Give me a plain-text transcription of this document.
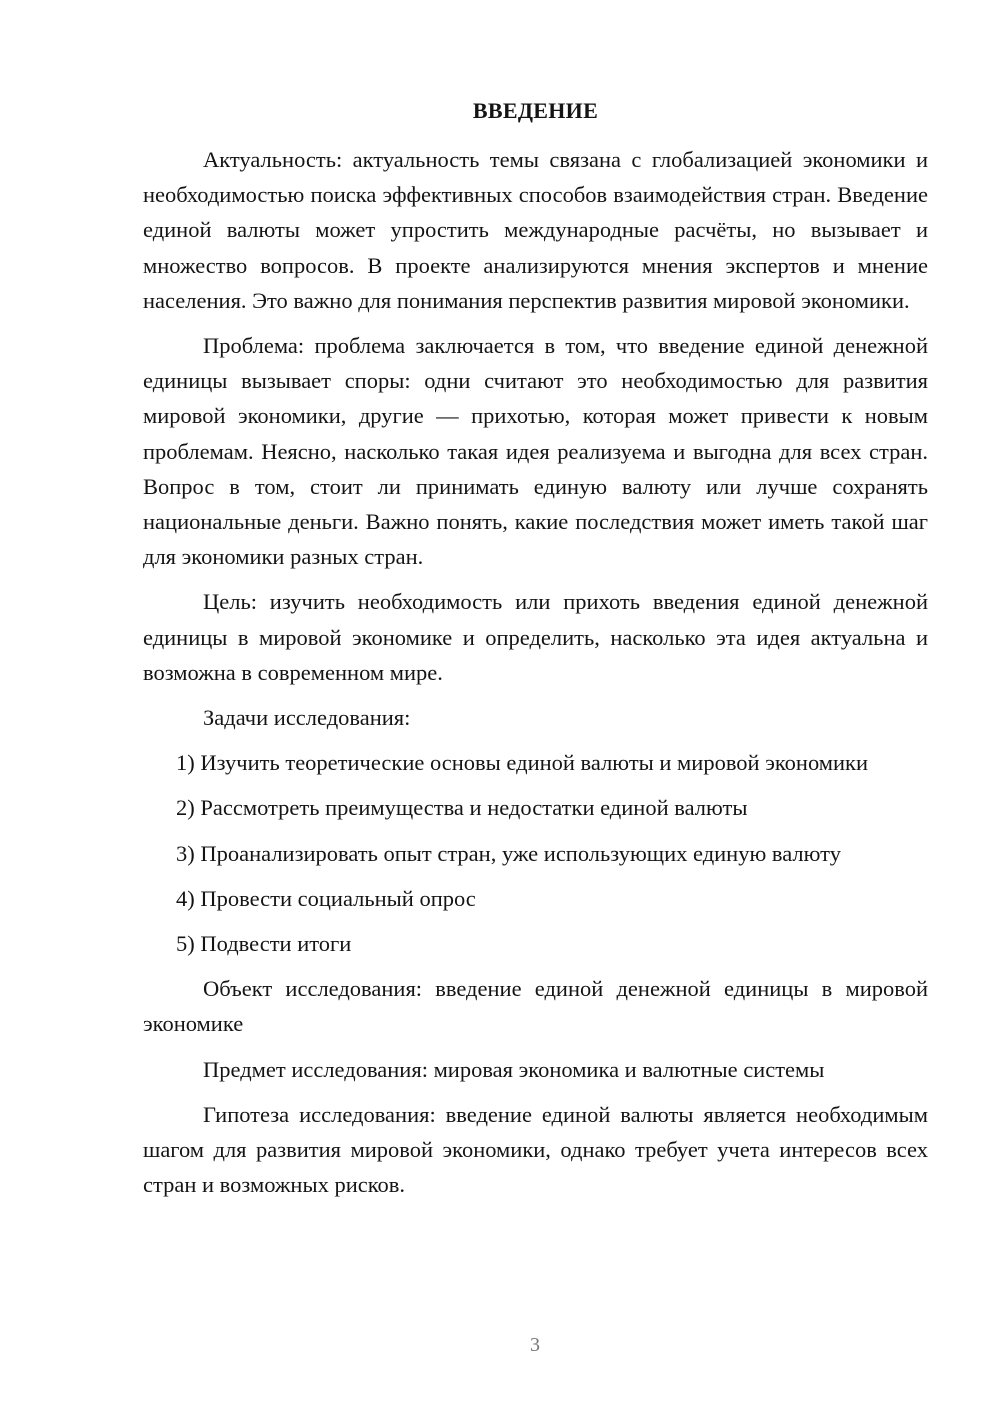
ВВЕДЕНИЕ

Актуальность: актуальность темы связана с глобализацией экономики и необходимостью поиска эффективных способов взаимодействия стран. Введение единой валюты может упростить международные расчёты, но вызывает и множество вопросов. В проекте анализируются мнения экспертов и мнение населения. Это важно для понимания перспектив развития мировой экономики.

Проблема: проблема заключается в том, что введение единой денежной единицы вызывает споры: одни считают это необходимостью для развития мировой экономики, другие — прихотью, которая может привести к новым проблемам. Неясно, насколько такая идея реализуема и выгодна для всех стран. Вопрос в том, стоит ли принимать единую валюту или лучше сохранять национальные деньги. Важно понять, какие последствия может иметь такой шаг для экономики разных стран.

Цель: изучить необходимость или прихоть введения единой денежной единицы в мировой экономике и определить, насколько эта идея актуальна и возможна в современном мире.

Задачи исследования:

1) Изучить теоретические основы единой валюты и мировой экономики

2) Рассмотреть преимущества и недостатки единой валюты

3) Проанализировать опыт стран, уже использующих единую валюту

4) Провести социальный опрос

5) Подвести итоги

Объект исследования: введение единой денежной единицы в мировой экономике

Предмет исследования: мировая экономика и валютные системы

Гипотеза исследования: введение единой валюты является необходимым шагом для развития мировой экономики, однако требует учета интересов всех стран и возможных рисков.

3
